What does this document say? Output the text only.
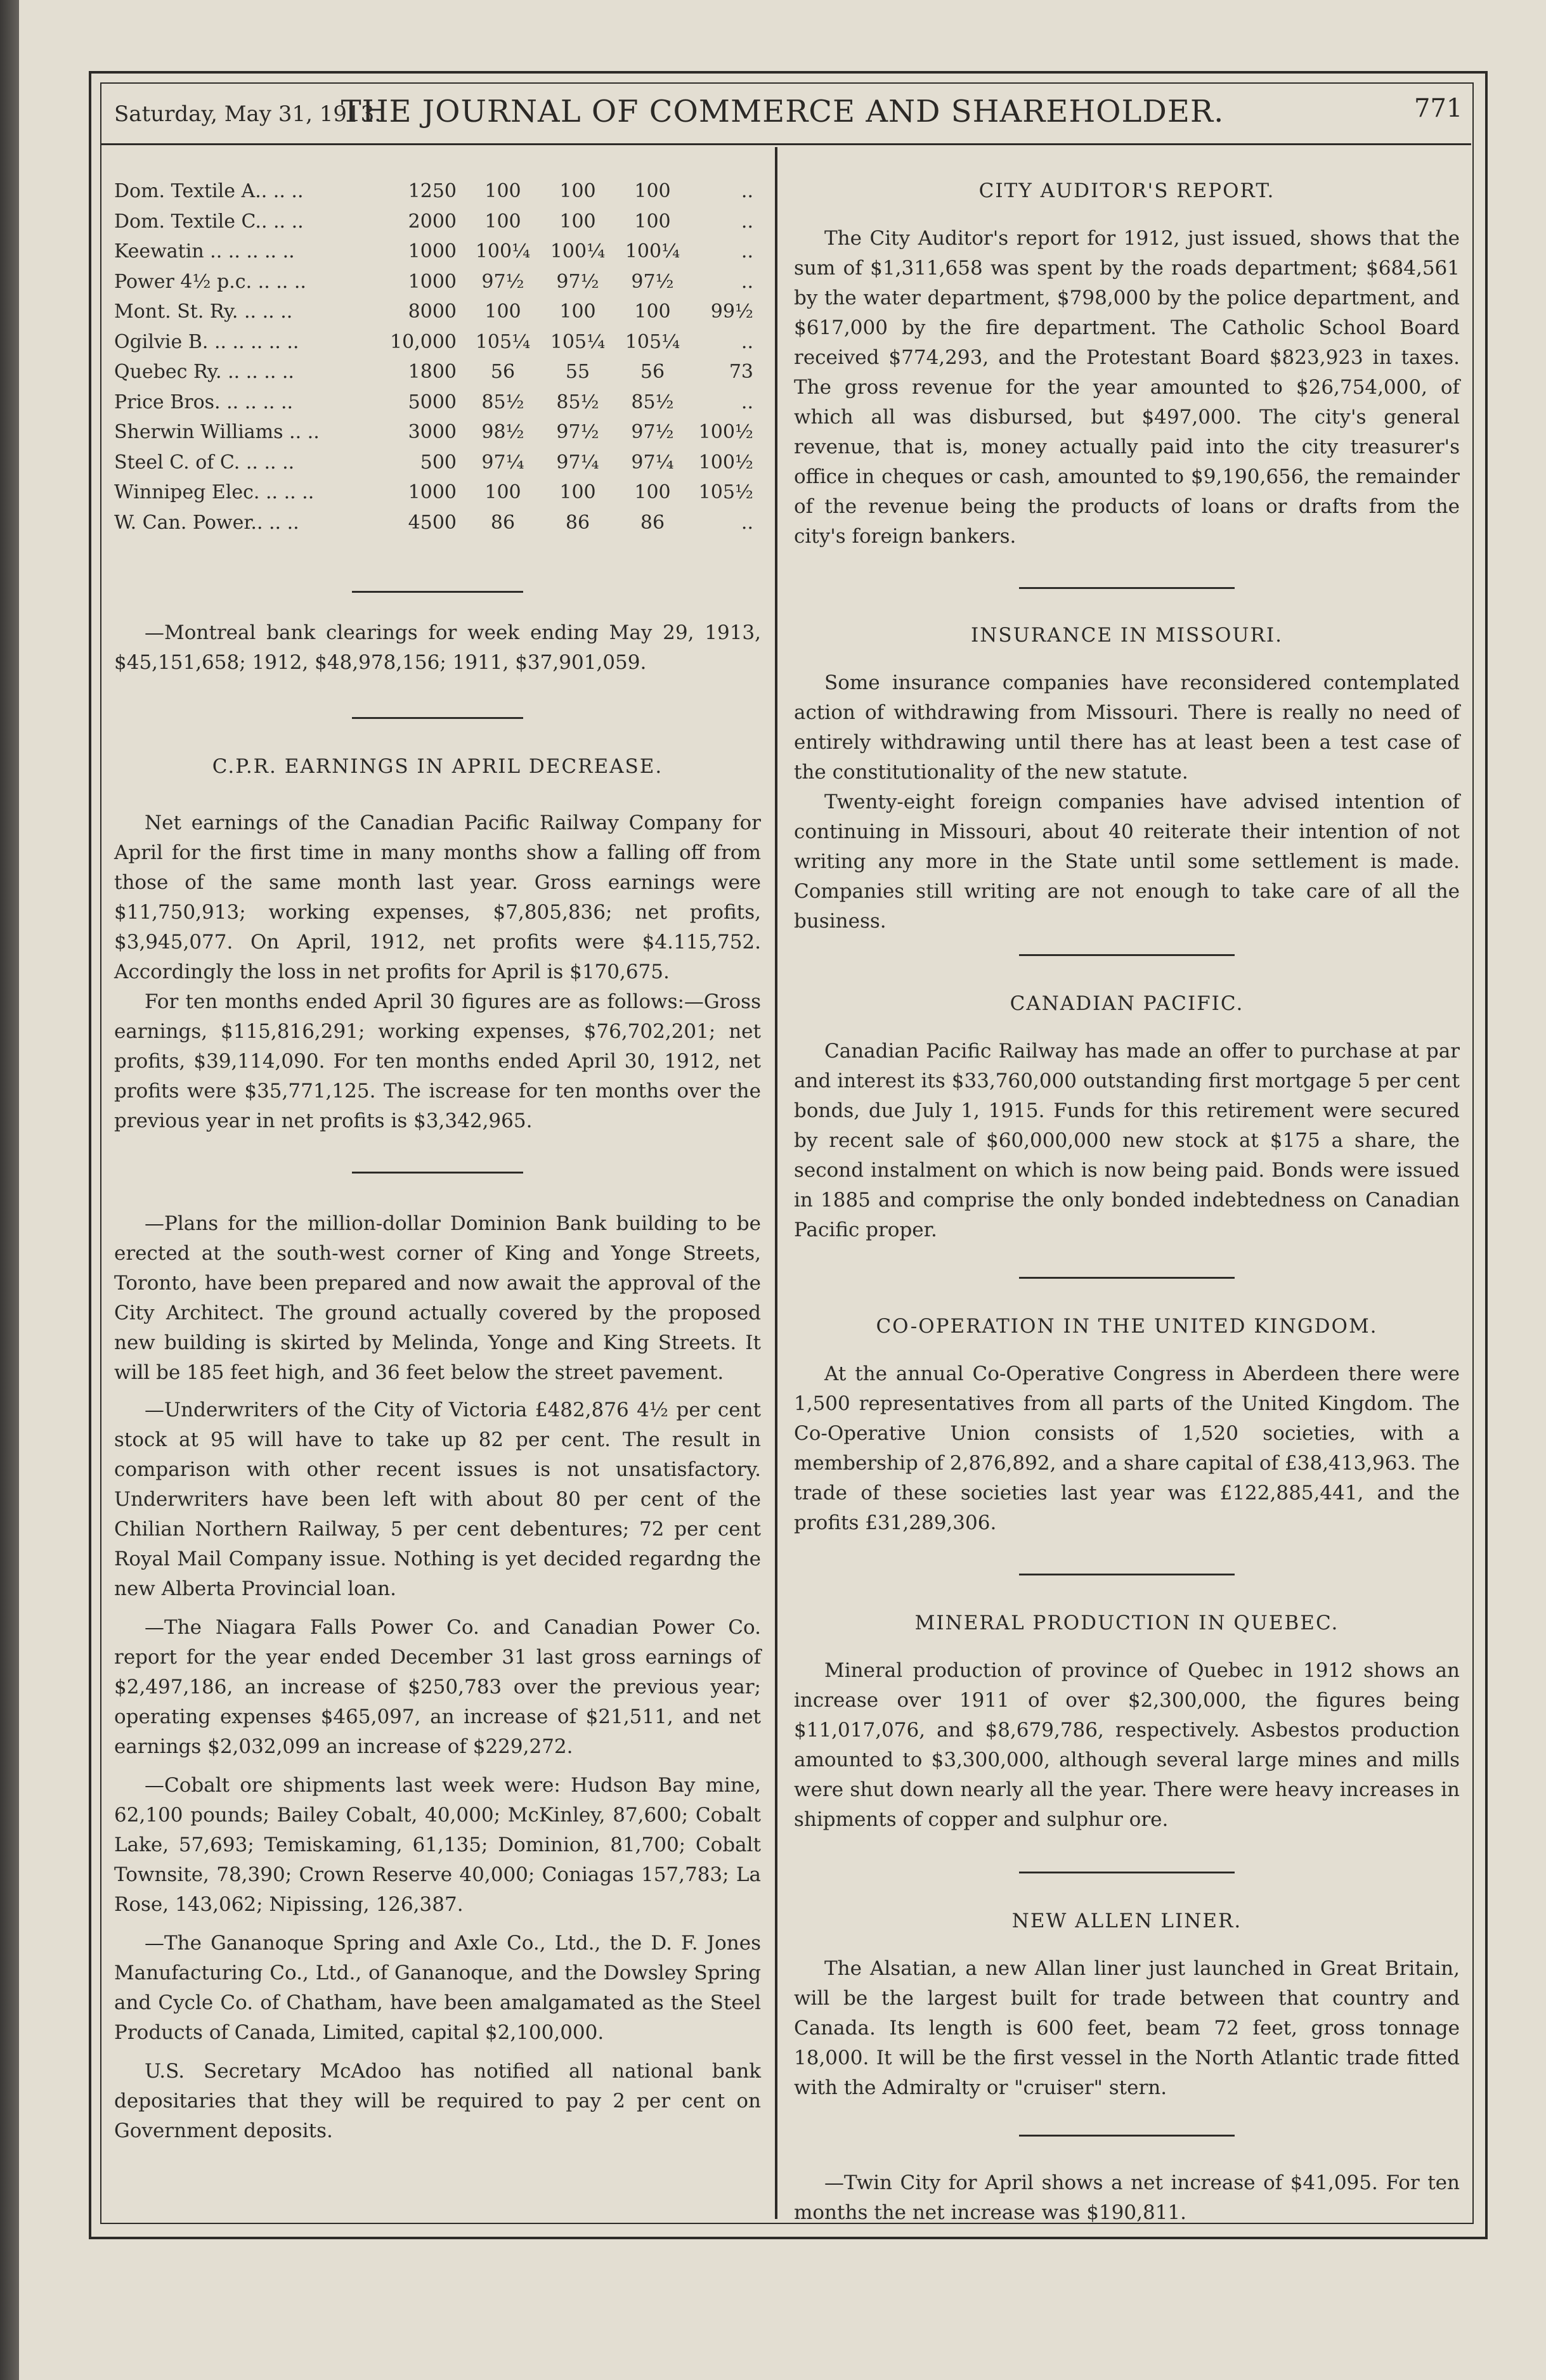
Saturday, May 31, 1913.
THE JOURNAL OF COMMERCE AND SHAREHOLDER.	771
Dom. Textile A.. .. ..	1250	100	100	100	..
Dom. Textile C.. .. ..	2000	100	100	100	..
Keewatin .. .. .. .. ..	1000	100¼	100¼	100¼	..
Power 4½ p.c. .. .. ..	1000	97½	97½	97½	..
Mont. St. Ry. .. .. ..	8000	100	100	100	99½
Ogilvie B. .. .. .. .. ..	10,000	105¼	105¼	105¼	..
Quebec Ry. .. .. .. ..	1800	56	55	56	73
Price Bros. .. .. .. ..	5000	85½	85½	85½	..
Sherwin Williams .. ..	3000	98½	97½	97½	100½
Steel C. of C. .. .. ..	500	97¼	97¼	97¼	100½
Winnipeg Elec. .. .. ..	1000	100	100	100	105½
W. Can. Power.. .. ..	4500	86	86	86	..

—Montreal bank clearings for week ending May 29, 1913, $45,151,658; 1912, $48,978,156; 1911, $37,901,059.

C.P.R. EARNINGS IN APRIL DECREASE.

Net earnings of the Canadian Pacific Railway Company for April for the first time in many months show a falling off from those of the same month last year. Gross earnings were $11,750,913; working expenses, $7,805,836; net profits, $3,945,077. On April, 1912, net profits were $4.115,752. Accordingly the loss in net profits for April is $170,675.

For ten months ended April 30 figures are as follows:—Gross earnings, $115,816,291; working expenses, $76,702,201; net profits, $39,114,090. For ten months ended April 30, 1912, net profits were $35,771,125. The iscrease for ten months over the previous year in net profits is $3,342,965.

—Plans for the million-dollar Dominion Bank building to be erected at the south-west corner of King and Yonge Streets, Toronto, have been prepared and now await the approval of the City Architect. The ground actually covered by the proposed new building is skirted by Melinda, Yonge and King Streets. It will be 185 feet high, and 36 feet below the street pavement.

—Underwriters of the City of Victoria £482,876 4½ per cent stock at 95 will have to take up 82 per cent. The result in comparison with other recent issues is not unsatisfactory. Underwriters have been left with about 80 per cent of the Chilian Northern Railway, 5 per cent debentures; 72 per cent Royal Mail Company issue. Nothing is yet decided regardng the new Alberta Provincial loan.

—The Niagara Falls Power Co. and Canadian Power Co. report for the year ended December 31 last gross earnings of $2,497,186, an increase of $250,783 over the previous year; operating expenses $465,097, an increase of $21,511, and net earnings $2,032,099 an increase of $229,272.

—Cobalt ore shipments last week were: Hudson Bay mine, 62,100 pounds; Bailey Cobalt, 40,000; McKinley, 87,600; Cobalt Lake, 57,693; Temiskaming, 61,135; Dominion, 81,700; Cobalt Townsite, 78,390; Crown Reserve 40,000; Coniagas 157,783; La Rose, 143,062; Nipissing, 126,387.

—The Gananoque Spring and Axle Co., Ltd., the D. F. Jones Manufacturing Co., Ltd., of Gananoque, and the Dowsley Spring and Cycle Co. of Chatham, have been amalgamated as the Steel Products of Canada, Limited, capital $2,100,000.

U.S. Secretary McAdoo has notified all national bank depositaries that they will be required to pay 2 per cent on Government deposits.

CITY AUDITOR'S REPORT.

The City Auditor's report for 1912, just issued, shows that the sum of $1,311,658 was spent by the roads department; $684,561 by the water department, $798,000 by the police department, and $617,000 by the fire department. The Catholic School Board received $774,293, and the Protestant Board $823,923 in taxes. The gross revenue for the year amounted to $26,754,000, of which all was disbursed, but $497,000. The city's general revenue, that is, money actually paid into the city treasurer's office in cheques or cash, amounted to $9,190,656, the remainder of the revenue being the products of loans or drafts from the city's foreign bankers.

INSURANCE IN MISSOURI.

Some insurance companies have reconsidered contemplated action of withdrawing from Missouri. There is really no need of entirely withdrawing until there has at least been a test case of the constitutionality of the new statute.

Twenty-eight foreign companies have advised intention of continuing in Missouri, about 40 reiterate their intention of not writing any more in the State until some settlement is made. Companies still writing are not enough to take care of all the business.

CANADIAN PACIFIC.

Canadian Pacific Railway has made an offer to purchase at par and interest its $33,760,000 outstanding first mortgage 5 per cent bonds, due July 1, 1915. Funds for this retirement were secured by recent sale of $60,000,000 new stock at $175 a share, the second instalment on which is now being paid. Bonds were issued in 1885 and comprise the only bonded indebtedness on Canadian Pacific proper.

CO-OPERATION IN THE UNITED KINGDOM.

At the annual Co-Operative Congress in Aberdeen there were 1,500 representatives from all parts of the United Kingdom. The Co-Operative Union consists of 1,520 societies, with a membership of 2,876,892, and a share capital of £38,413,963. The trade of these societies last year was £122,885,441, and the profits £31,289,306.

MINERAL PRODUCTION IN QUEBEC.

Mineral production of province of Quebec in 1912 shows an increase over 1911 of over $2,300,000, the figures being $11,017,076, and $8,679,786, respectively. Asbestos production amounted to $3,300,000, although several large mines and mills were shut down nearly all the year. There were heavy increases in shipments of copper and sulphur ore.

NEW ALLEN LINER.

The Alsatian, a new Allan liner just launched in Great Britain, will be the largest built for trade between that country and Canada. Its length is 600 feet, beam 72 feet, gross tonnage 18,000. It will be the first vessel in the North Atlantic trade fitted with the Admiralty or "cruiser" stern.

—Twin City for April shows a net increase of $41,095. For ten months the net increase was $190,811.
